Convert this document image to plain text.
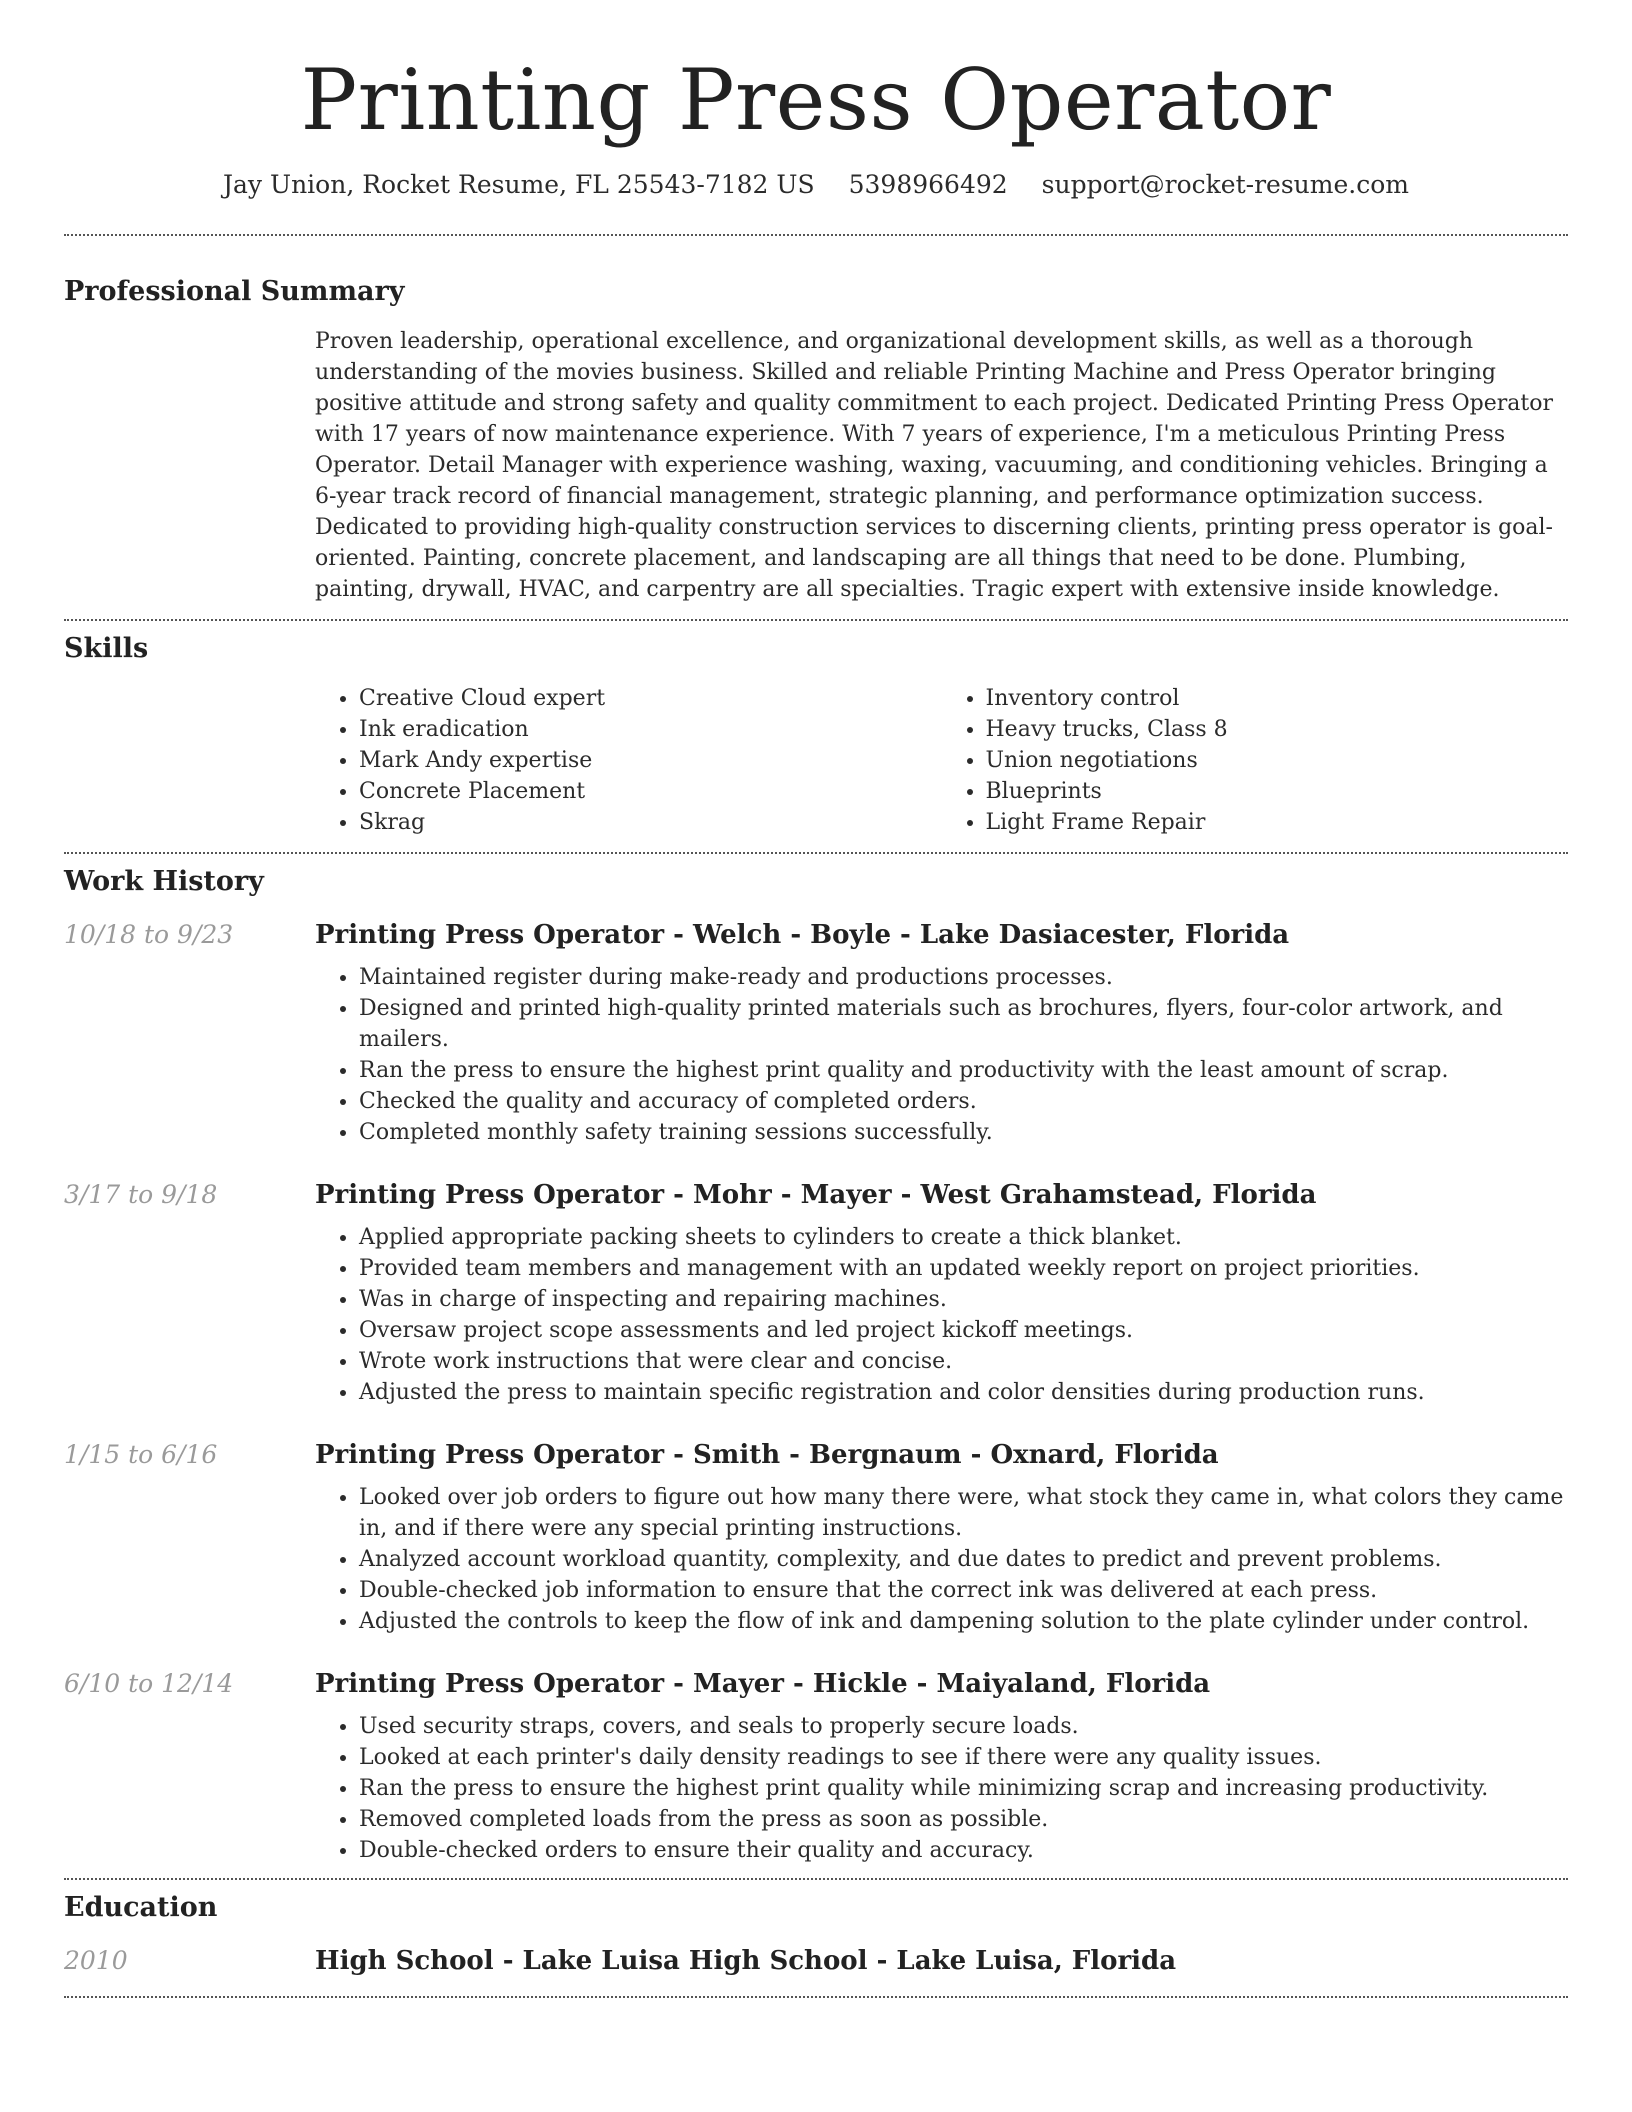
Printing Press Operator
Jay Union, Rocket Resume, FL 25543-7182 US 5398966492 support@rocket-resume.com
Professional Summary

Proven leadership, operational excellence, and organizational development skills, as well as a thorough understanding of the movies business. Skilled and reliable Printing Machine and Press Operator bringing positive attitude and strong safety and quality commitment to each project. Dedicated Printing Press Operator with 17 years of now maintenance experience. With 7 years of experience, I'm a meticulous Printing Press Operator. Detail Manager with experience washing, waxing, vacuuming, and conditioning vehicles. Bringing a 6-year track record of financial management, strategic planning, and performance optimization success. Dedicated to providing high-quality construction services to discerning clients, printing press operator is goal-oriented. Painting, concrete placement, and landscaping are all things that need to be done. Plumbing, painting, drywall, HVAC, and carpentry are all specialties. Tragic expert with extensive inside knowledge.

Skills
• Creative Cloud expert
• Ink eradication
• Mark Andy expertise
• Concrete Placement
• Skrag
• Inventory control
• Heavy trucks, Class 8
• Union negotiations
• Blueprints
• Light Frame Repair
Work History
10/18 to 9/23	Printing Press Operator - Welch - Boyle - Lake Dasiacester, Florida
• Maintained register during make-ready and productions processes.
• Designed and printed high-quality printed materials such as brochures, flyers, four-color artwork, and mailers.
• Ran the press to ensure the highest print quality and productivity with the least amount of scrap.
• Checked the quality and accuracy of completed orders.
• Completed monthly safety training sessions successfully.
3/17 to 9/18	Printing Press Operator - Mohr - Mayer - West Grahamstead, Florida
• Applied appropriate packing sheets to cylinders to create a thick blanket.
• Provided team members and management with an updated weekly report on project priorities.
• Was in charge of inspecting and repairing machines.
• Oversaw project scope assessments and led project kickoff meetings.
• Wrote work instructions that were clear and concise.
• Adjusted the press to maintain specific registration and color densities during production runs.
1/15 to 6/16	Printing Press Operator - Smith - Bergnaum - Oxnard, Florida
• Looked over job orders to figure out how many there were, what stock they came in, what colors they came in, and if there were any special printing instructions.
• Analyzed account workload quantity, complexity, and due dates to predict and prevent problems.
• Double-checked job information to ensure that the correct ink was delivered at each press.
• Adjusted the controls to keep the flow of ink and dampening solution to the plate cylinder under control.
6/10 to 12/14	Printing Press Operator - Mayer - Hickle - Maiyaland, Florida
• Used security straps, covers, and seals to properly secure loads.
• Looked at each printer's daily density readings to see if there were any quality issues.
• Ran the press to ensure the highest print quality while minimizing scrap and increasing productivity.
• Removed completed loads from the press as soon as possible.
• Double-checked orders to ensure their quality and accuracy.
Education
2010	High School - Lake Luisa High School - Lake Luisa, Florida
